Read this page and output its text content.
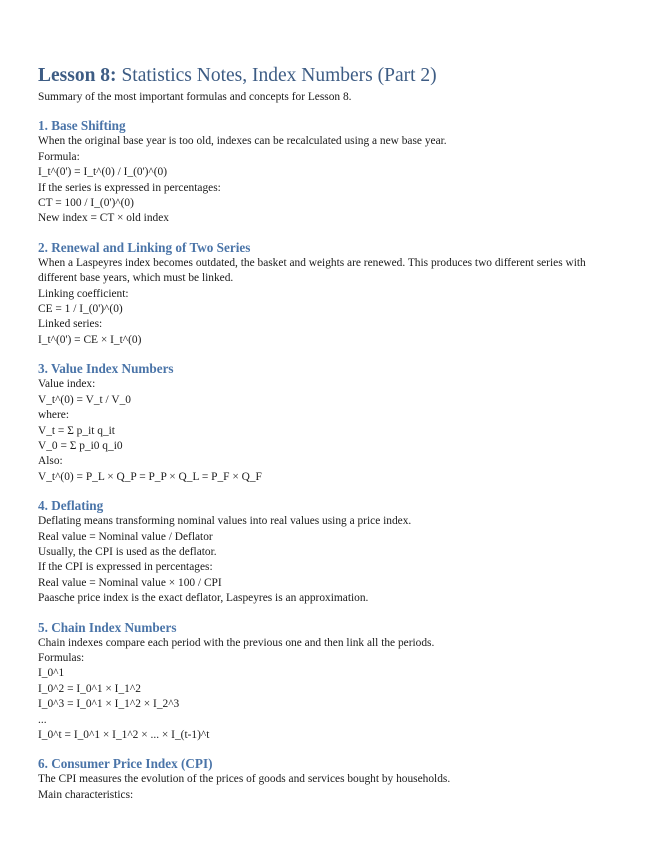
Lesson 8: Statistics Notes, Index Numbers (Part 2)

Summary of the most important formulas and concepts for Lesson 8.

1. Base Shifting

When the original base year is too old, indexes can be recalculated using a new base year.

Formula:

I_t^(0') = I_t^(0) / I_(0')^(0)

If the series is expressed in percentages:

CT = 100 / I_(0')^(0)

New index = CT × old index

2. Renewal and Linking of Two Series

When a Laspeyres index becomes outdated, the basket and weights are renewed. This produces two different series with different base years, which must be linked.

Linking coefficient:

CE = 1 / I_(0')^(0)

Linked series:

I_t^(0') = CE × I_t^(0)

3. Value Index Numbers

Value index:

V_t^(0) = V_t / V_0

where:

V_t = Σ p_it q_it

V_0 = Σ p_i0 q_i0

Also:

V_t^(0) = P_L × Q_P = P_P × Q_L = P_F × Q_F

4. Deflating

Deflating means transforming nominal values into real values using a price index.

Real value = Nominal value / Deflator

Usually, the CPI is used as the deflator.

If the CPI is expressed in percentages:

Real value = Nominal value × 100 / CPI

Paasche price index is the exact deflator, Laspeyres is an approximation.

5. Chain Index Numbers

Chain indexes compare each period with the previous one and then link all the periods.

Formulas:

I_0^1

I_0^2 = I_0^1 × I_1^2

I_0^3 = I_0^1 × I_1^2 × I_2^3

...

I_0^t = I_0^1 × I_1^2 × ... × I_(t-1)^t

6. Consumer Price Index (CPI)

The CPI measures the evolution of the prices of goods and services bought by households.

Main characteristics:
